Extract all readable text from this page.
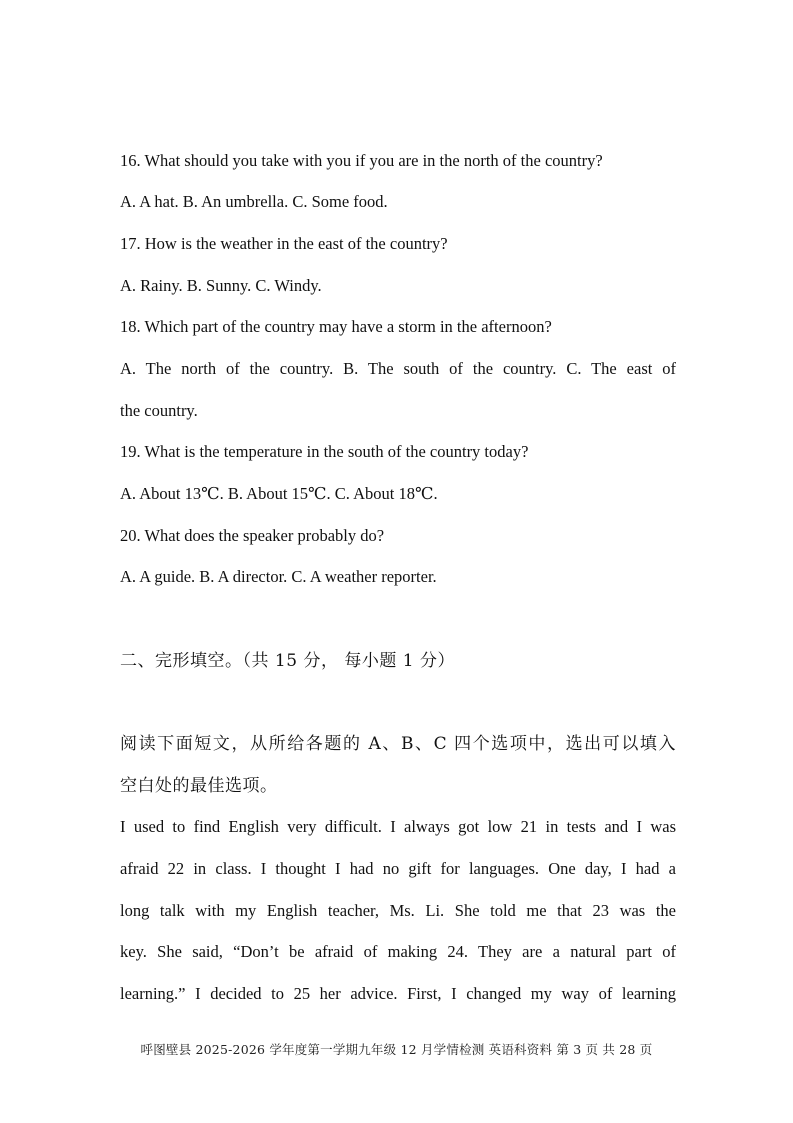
16. What should you take with you if you are in the north of the country?
A. A hat. B. An umbrella. C. Some food.
17. How is the weather in the east of the country?
A. Rainy. B. Sunny. C. Windy.
18. Which part of the country may have a storm in the afternoon?
A. The north of the country. B. The south of the country. C. The east of
the country.
19. What is the temperature in the south of the country today?
A. About 13℃. B. About 15℃. C. About 18℃.
20. What does the speaker probably do?
A. A guide. B. A director. C. A weather reporter.
二、完形填空。（共 15 分， 每小题 1 分）
阅读下面短文，从所给各题的 A、B、C 四个选项中，选出可以填入
空白处的最佳选项。
I used to find English very difficult. I always got low 21 in tests and I was
afraid 22 in class. I thought I had no gift for languages. One day, I had a
long talk with my English teacher, Ms. Li. She told me that 23 was the
key. She said, “Don’t be afraid of making 24. They are a natural part of
learning.” I decided to 25 her advice. First, I changed my way of learning
呼图壁县 2025-2026 学年度第一学期九年级 12 月学情检测 英语科资料 第 3 页 共 28 页
